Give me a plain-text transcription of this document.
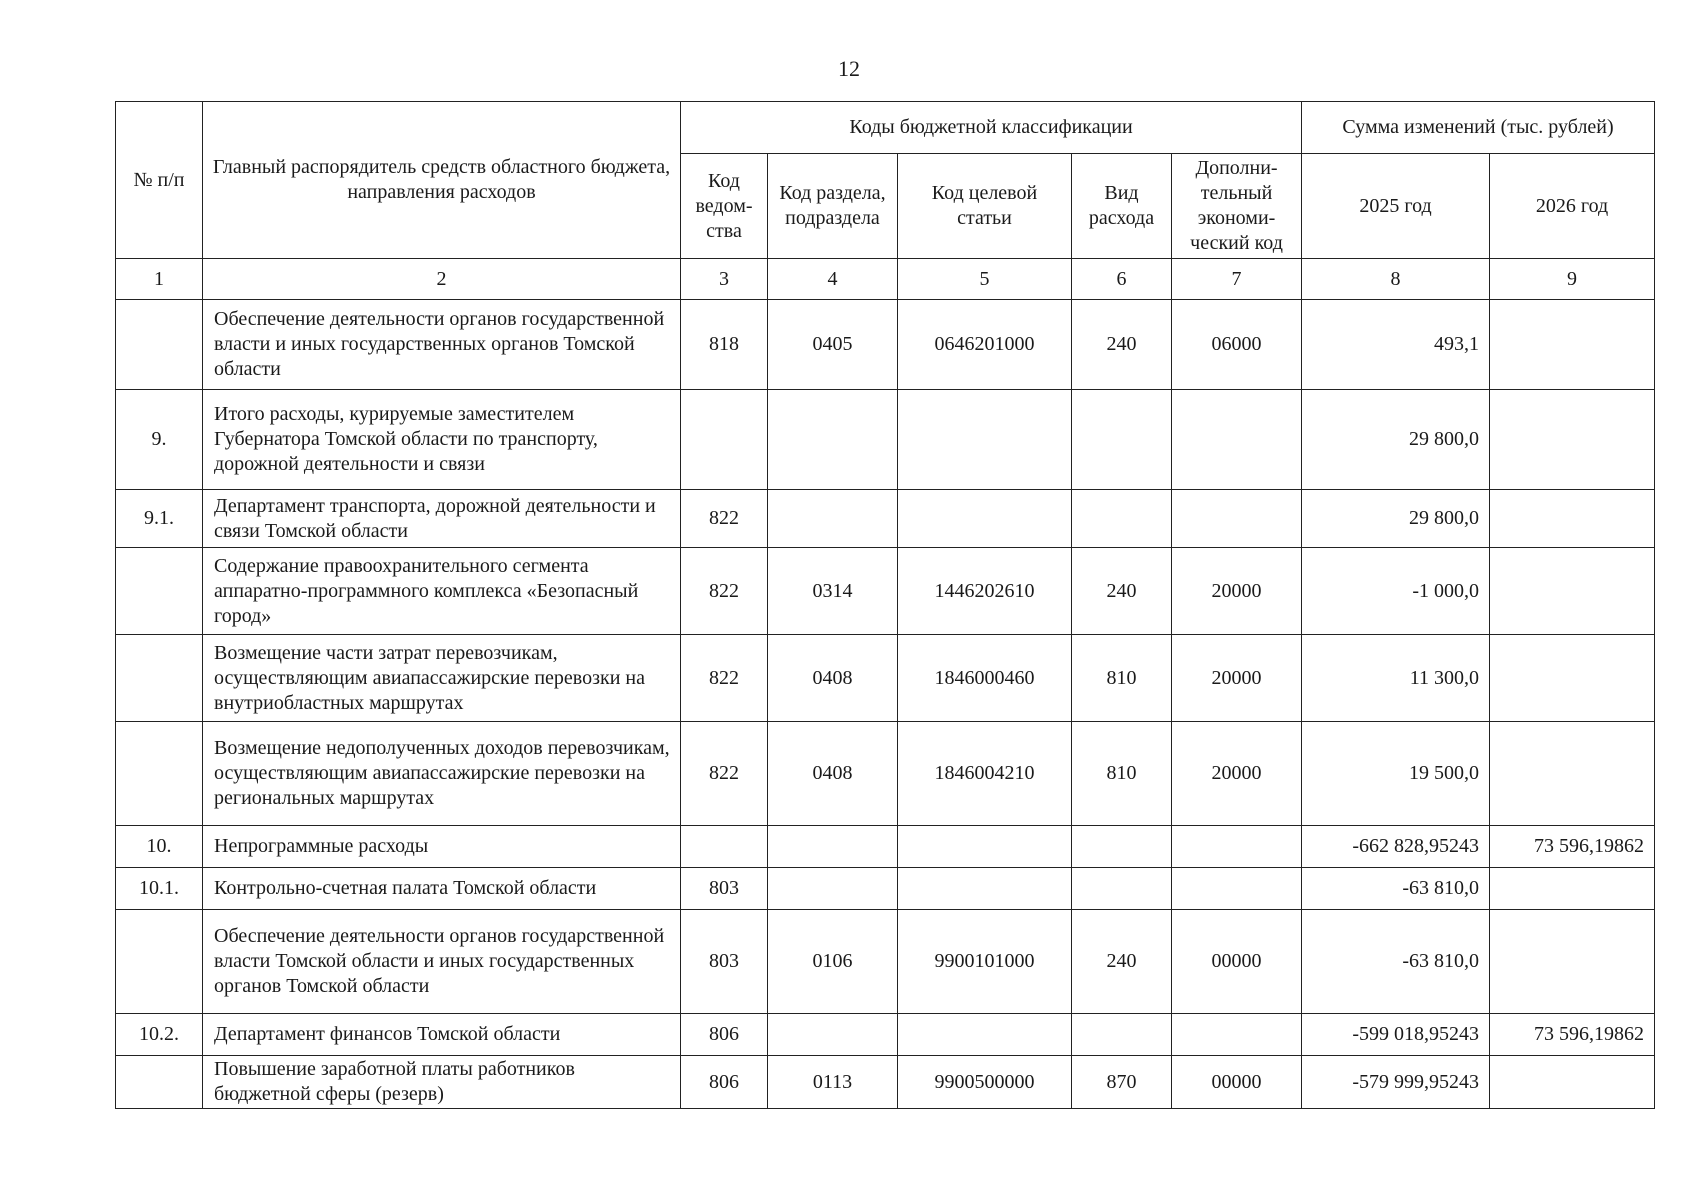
12
№ п/п	Главный распорядитель средств областного бюджета, направления расходов	Коды бюджетной классификации					Сумма изменений (тыс. рублей)	
		Код ведом-ства	Код раздела, подраздела	Код целевой статьи	Вид расхода	Дополни-тельный экономи-ческий код	2025 год	2026 год
1	2	3	4	5	6	7	8	9
	Обеспечение деятельности органов государственной власти и иных государственных органов Томской области	818	0405	0646201000	240	06000	493,1	
9.	Итого расходы, курируемые заместителем Губернатора Томской области по транспорту, дорожной деятельности и связи						29 800,0	
9.1.	Департамент транспорта, дорожной деятельности и связи Томской области	822					29 800,0	
	Содержание правоохранительного сегмента аппаратно-программного комплекса «Безопасный город»	822	0314	1446202610	240	20000	-1 000,0	
	Возмещение части затрат перевозчикам, осуществляющим авиапассажирские перевозки на внутриобластных маршрутах	822	0408	1846000460	810	20000	11 300,0	
	Возмещение недополученных доходов перевозчикам, осуществляющим авиапассажирские перевозки на региональных маршрутах	822	0408	1846004210	810	20000	19 500,0	
10.	Непрограммные расходы						-662 828,95243	73 596,19862
10.1.	Контрольно-счетная палата Томской области	803					-63 810,0	
	Обеспечение деятельности органов государственной власти Томской области и иных государственных органов Томской области	803	0106	9900101000	240	00000	-63 810,0	
10.2.	Департамент финансов Томской области	806					-599 018,95243	73 596,19862
	Повышение заработной платы работников бюджетной сферы (резерв)	806	0113	9900500000	870	00000	-579 999,95243	
